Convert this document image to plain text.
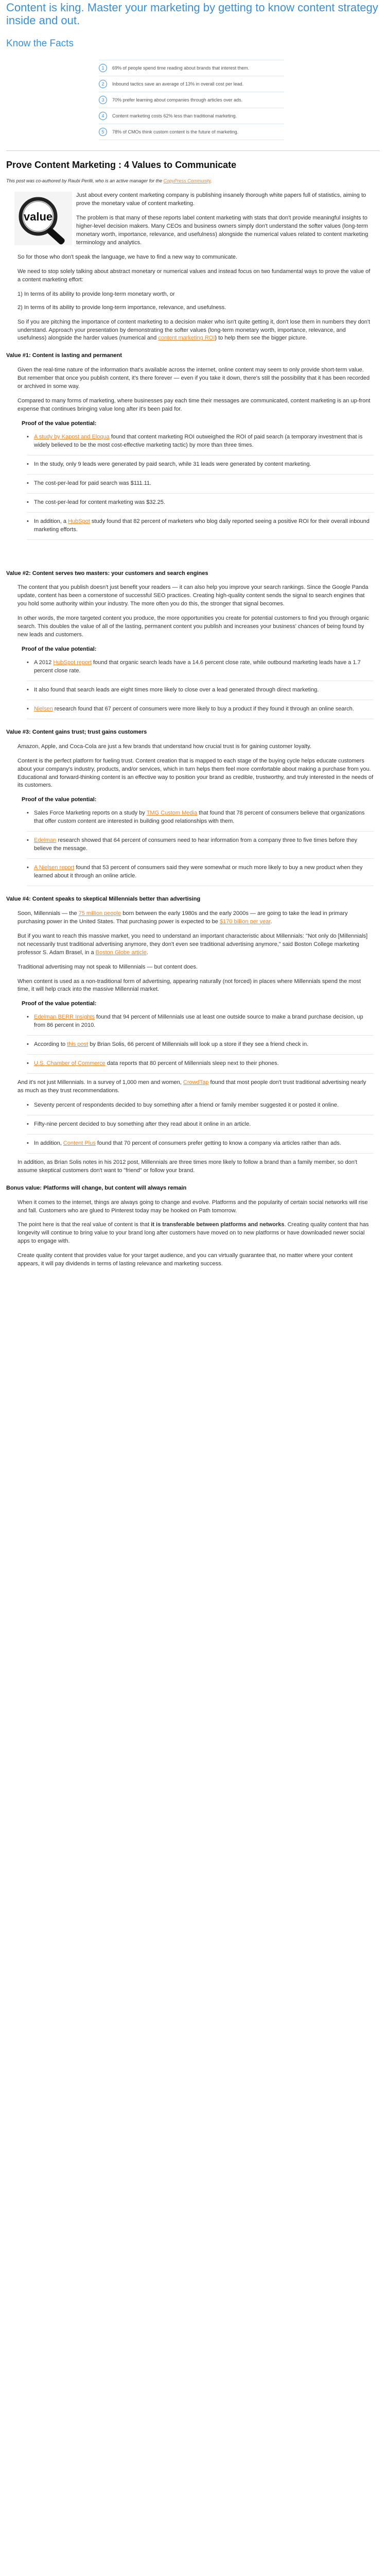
Content is king. Master your marketing by getting to know content strategy inside and out.
Know the Facts
1	69% of people spend time reading about brands that interest them.
2	Inbound tactics save an average of 13% in overall cost per lead.
3	70% prefer learning about companies through articles over ads.
4	Content marketing costs 62% less than traditional marketing.
5	78% of CMOs think custom content is the future of marketing.
Prove Content Marketing : 4 Values to Communicate

This post was co-authored by Raubi Perilli, who is an active manager for the CopyPress Community.

value

Just about every content marketing company is publishing insanely thorough white papers full of statistics, aiming to prove the monetary value of content marketing.

The problem is that many of these reports label content marketing with stats that don't provide meaningful insights to higher-level decision makers. Many CEOs and business owners simply don't understand the softer values (long-term monetary worth, importance, relevance, and usefulness) alongside the numerical values related to content marketing terminology and analytics.

So for those who don't speak the language, we have to find a new way to communicate.

We need to stop solely talking about abstract monetary or numerical values and instead focus on two fundamental ways to prove the value of a content marketing effort:

1) In terms of its ability to provide long-term monetary worth, or
2) In terms of its ability to provide long-term importance, relevance, and usefulness.

So if you are pitching the importance of content marketing to a decision maker who isn't quite getting it, don't lose them in numbers they don't understand. Approach your presentation by demonstrating the softer values (long-term monetary worth, importance, relevance, and usefulness) alongside the harder values (numerical and content marketing ROI) to help them see the bigger picture.

Value #1: Content is lasting and permanent

Given the real-time nature of the information that's available across the internet, online content may seem to only provide short-term value. But remember that once you publish content, it's there forever — even if you take it down, there's still the possibility that it has been recorded or archived in some way.

Compared to many forms of marketing, where businesses pay each time their messages are communicated, content marketing is an up-front expense that continues bringing value long after it's been paid for.

Proof of the value potential:
• A study by Kapost and Eloqua found that content marketing ROI outweighed the ROI of paid search (a temporary investment that is widely believed to be the most cost-effective marketing tactic) by more than three times.
• In the study, only 9 leads were generated by paid search, while 31 leads were generated by content marketing.
• The cost-per-lead for paid search was $111.11.
• The cost-per-lead for content marketing was $32.25.
• In addition, a HubSpot study found that 82 percent of marketers who blog daily reported seeing a positive ROI for their overall inbound marketing efforts.
Value #2: Content serves two masters: your customers and search engines

The content that you publish doesn't just benefit your readers — it can also help you improve your search rankings. Since the Google Panda update, content has been a cornerstone of successful SEO practices. Creating high-quality content sends the signal to search engines that you hold some authority within your industry. The more often you do this, the stronger that signal becomes.

In other words, the more targeted content you produce, the more opportunities you create for potential customers to find you through organic search. This doubles the value of all of the lasting, permanent content you publish and increases your business' chances of being found by new leads and customers.

Proof of the value potential:
• A 2012 HubSpot report found that organic search leads have a 14.6 percent close rate, while outbound marketing leads have a 1.7 percent close rate.
• It also found that search leads are eight times more likely to close over a lead generated through direct marketing.
• Nielsen research found that 67 percent of consumers were more likely to buy a product if they found it through an online search.
Value #3: Content gains trust; trust gains customers

Amazon, Apple, and Coca-Cola are just a few brands that understand how crucial trust is for gaining customer loyalty.

Content is the perfect platform for fueling trust. Content creation that is mapped to each stage of the buying cycle helps educate customers about your company's industry, products, and/or services, which in turn helps them feel more comfortable about making a purchase from you. Educational and forward-thinking content is an effective way to position your brand as credible, trustworthy, and truly interested in the needs of its customers.

Proof of the value potential:
• Sales Force Marketing reports on a study by TMG Custom Media that found that 78 percent of consumers believe that organizations that offer custom content are interested in building good relationships with them.
• Edelman research showed that 64 percent of consumers need to hear information from a company three to five times before they believe the message.
• A Nielsen report found that 53 percent of consumers said they were somewhat or much more likely to buy a new product when they learned about it through an online article.
Value #4: Content speaks to skeptical Millennials better than advertising

Soon, Millennials — the 75 million people born between the early 1980s and the early 2000s — are going to take the lead in primary purchasing power in the United States. That purchasing power is expected to be $170 billion per year.

But if you want to reach this massive market, you need to understand an important characteristic about Millennials: "Not only do [Millennials] not necessarily trust traditional advertising anymore, they don't even see traditional advertising anymore," said Boston College marketing professor S. Adam Brasel, in a Boston Globe article.

Traditional advertising may not speak to Millennials — but content does.

When content is used as a non-traditional form of advertising, appearing naturally (not forced) in places where Millennials spend the most time, it will help crack into the massive Millennial market.

Proof of the value potential:
• Edelman BERR Insights found that 94 percent of Millennials use at least one outside source to make a brand purchase decision, up from 86 percent in 2010.
• According to this post by Brian Solis, 66 percent of Millennials will look up a store if they see a friend check in.
• U.S. Chamber of Commerce data reports that 80 percent of Millennials sleep next to their phones.

And it's not just Millennials. In a survey of 1,000 men and women, CrowdTap found that most people don't trust traditional advertising nearly as much as they trust recommendations.

• Seventy percent of respondents decided to buy something after a friend or family member suggested it or posted it online.
• Fifty-nine percent decided to buy something after they read about it online in an article.
• In addition, Content Plus found that 70 percent of consumers prefer getting to know a company via articles rather than ads.

In addition, as Brian Solis notes in his 2012 post, Millennials are three times more likely to follow a brand than a family member, so don't assume skeptical customers don't want to "friend" or follow your brand.

Bonus value: Platforms will change, but content will always remain

When it comes to the internet, things are always going to change and evolve. Platforms and the popularity of certain social networks will rise and fall. Customers who are glued to Pinterest today may be hooked on Path tomorrow.

The point here is that the real value of content is that it is transferable between platforms and networks. Creating quality content that has longevity will continue to bring value to your brand long after customers have moved on to new platforms or have downloaded newer social apps to engage with.

Create quality content that provides value for your target audience, and you can virtually guarantee that, no matter where your content appears, it will pay dividends in terms of lasting relevance and marketing success.
